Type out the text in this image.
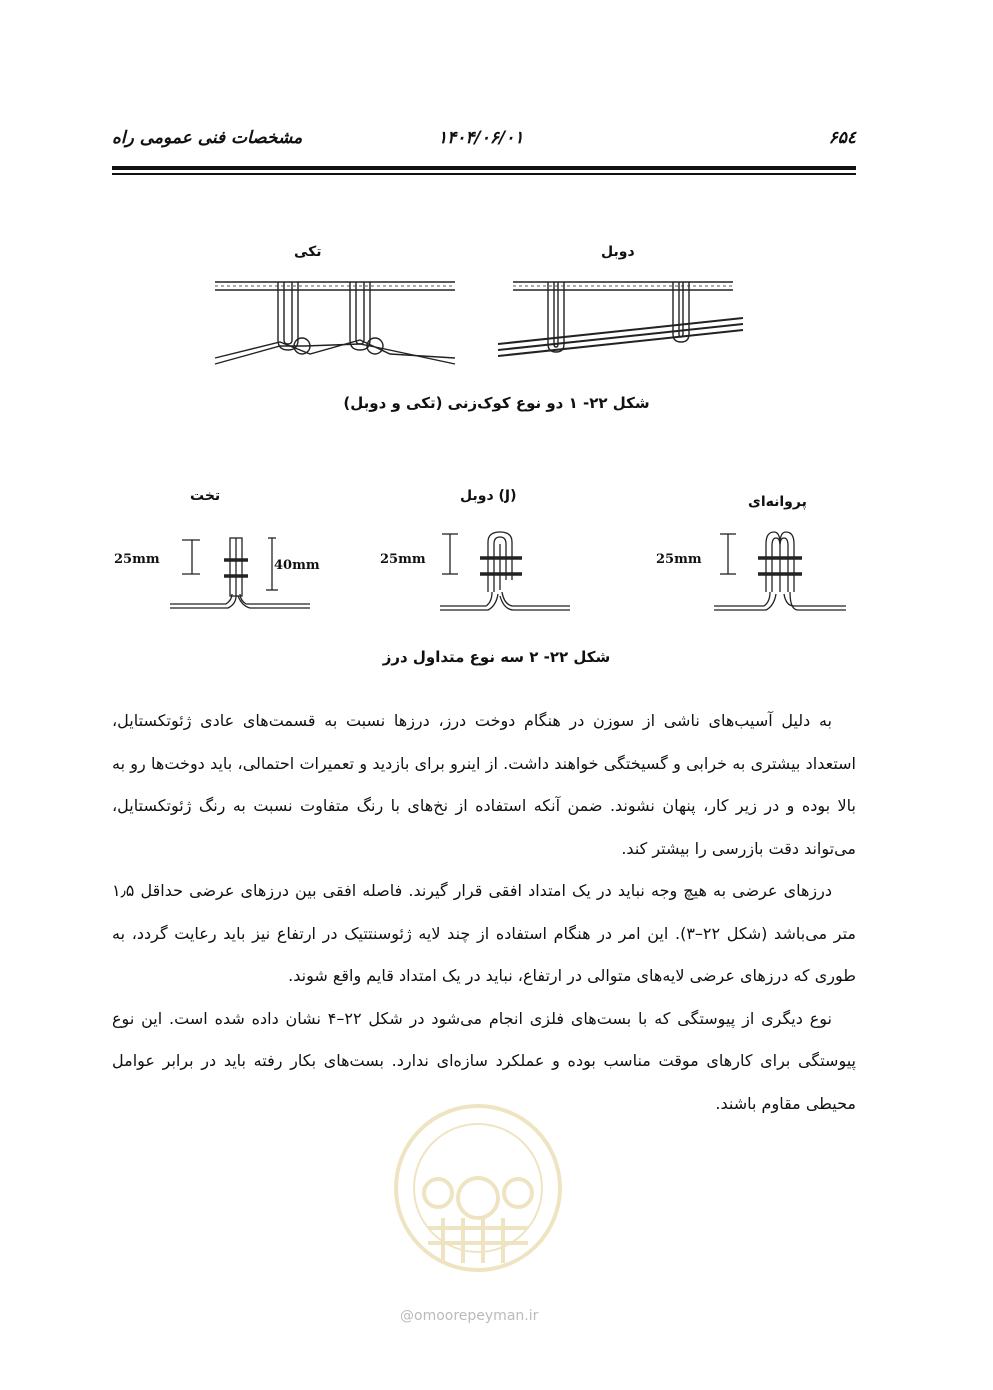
مشخصات فنی عمومی راه	۱۴۰۴/۰۶/۰۱	۶۵٤
تکی	دوبل
شکل ۲۲- ۱ دو نوع کوک‌زنی (تکی و دوبل)
تخت	دوبل (J)	پروانه‌ای
25mm	40mm	25mm	25mm
شکل ۲۲- ۲ سه نوع متداول درز
@omoorepeyman.ir

به دلیل آسیب‌های ناشی از سوزن در هنگام دوخت درز، درزها نسبت به قسمت‌های عادی ژئوتکستایل، استعداد بیشتری به خرابی و گسیختگی خواهند داشت. از اینرو برای بازدید و تعمیرات احتمالی، باید دوخت‌ها رو به بالا بوده و در زیر کار، پنهان نشوند. ضمن آنکه استفاده از نخ‌های با رنگ متفاوت نسبت به رنگ ژئوتکستایل، می‌تواند دقت بازرسی را بیشتر کند.

درزهای عرضی به هیچ وجه نباید در یک امتداد افقی قرار گیرند. فاصله افقی بین درزهای عرضی حداقل ۱٫۵ متر می‌باشد (شکل ۲۲–۳). این امر در هنگام استفاده از چند لایه ژئوسنتتیک در ارتفاع نیز باید رعایت گردد، به طوری که درزهای عرضی لایه‌های متوالی در ارتفاع، نباید در یک امتداد قایم واقع شوند.

نوع دیگری از پیوستگی که با بست‌های فلزی انجام می‌شود در شکل ۲۲–۴ نشان داده شده است. این نوع پیوستگی برای کارهای موقت مناسب بوده و عملکرد سازه‌ای ندارد. بست‌های بکار رفته باید در برابر عوامل محیطی مقاوم باشند.
